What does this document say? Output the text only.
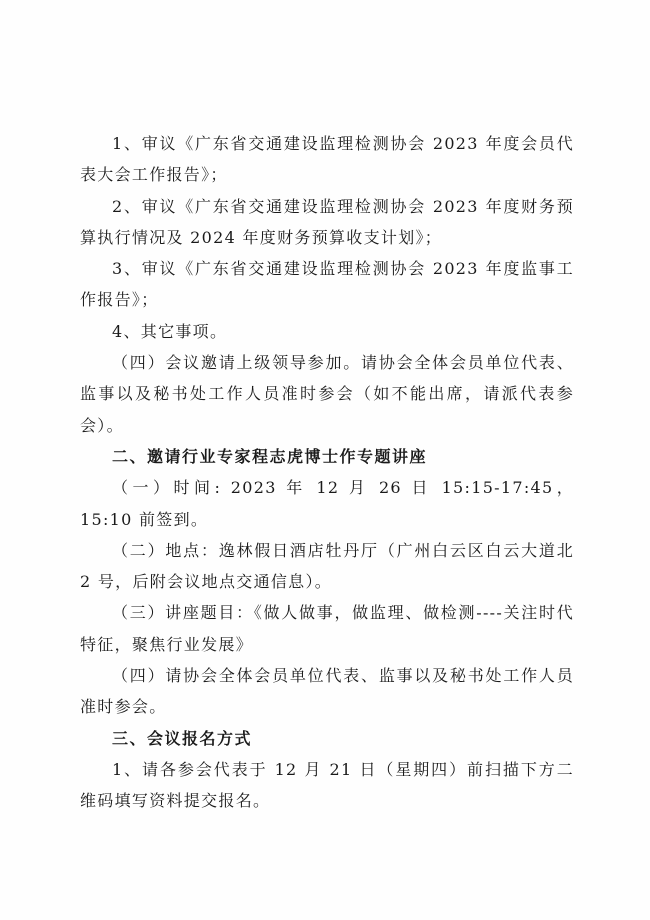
1、审议《广东省交通建设监理检测协会 2023 年度会员代表大会工作报告》；

2、审议《广东省交通建设监理检测协会 2023 年度财务预算执行情况及 2024 年度财务预算收支计划》；

3、审议《广东省交通建设监理检测协会 2023 年度监事工作报告》；

4、其它事项。

（四）会议邀请上级领导参加。请协会全体会员单位代表、监事以及秘书处工作人员准时参会（如不能出席，请派代表参会）。

二、邀请行业专家程志虎博士作专题讲座

（一）时间: 2023 年 12 月 26 日 15:15-17:45，15:10 前签到。

（二）地点：逸林假日酒店牡丹厅（广州白云区白云大道北 2 号，后附会议地点交通信息）。

（三）讲座题目：《做人做事，做监理、做检测----关注时代特征，聚焦行业发展》

（四）请协会全体会员单位代表、监事以及秘书处工作人员准时参会。

三、会议报名方式

1、请各参会代表于 12 月 21 日（星期四）前扫描下方二维码填写资料提交报名。
